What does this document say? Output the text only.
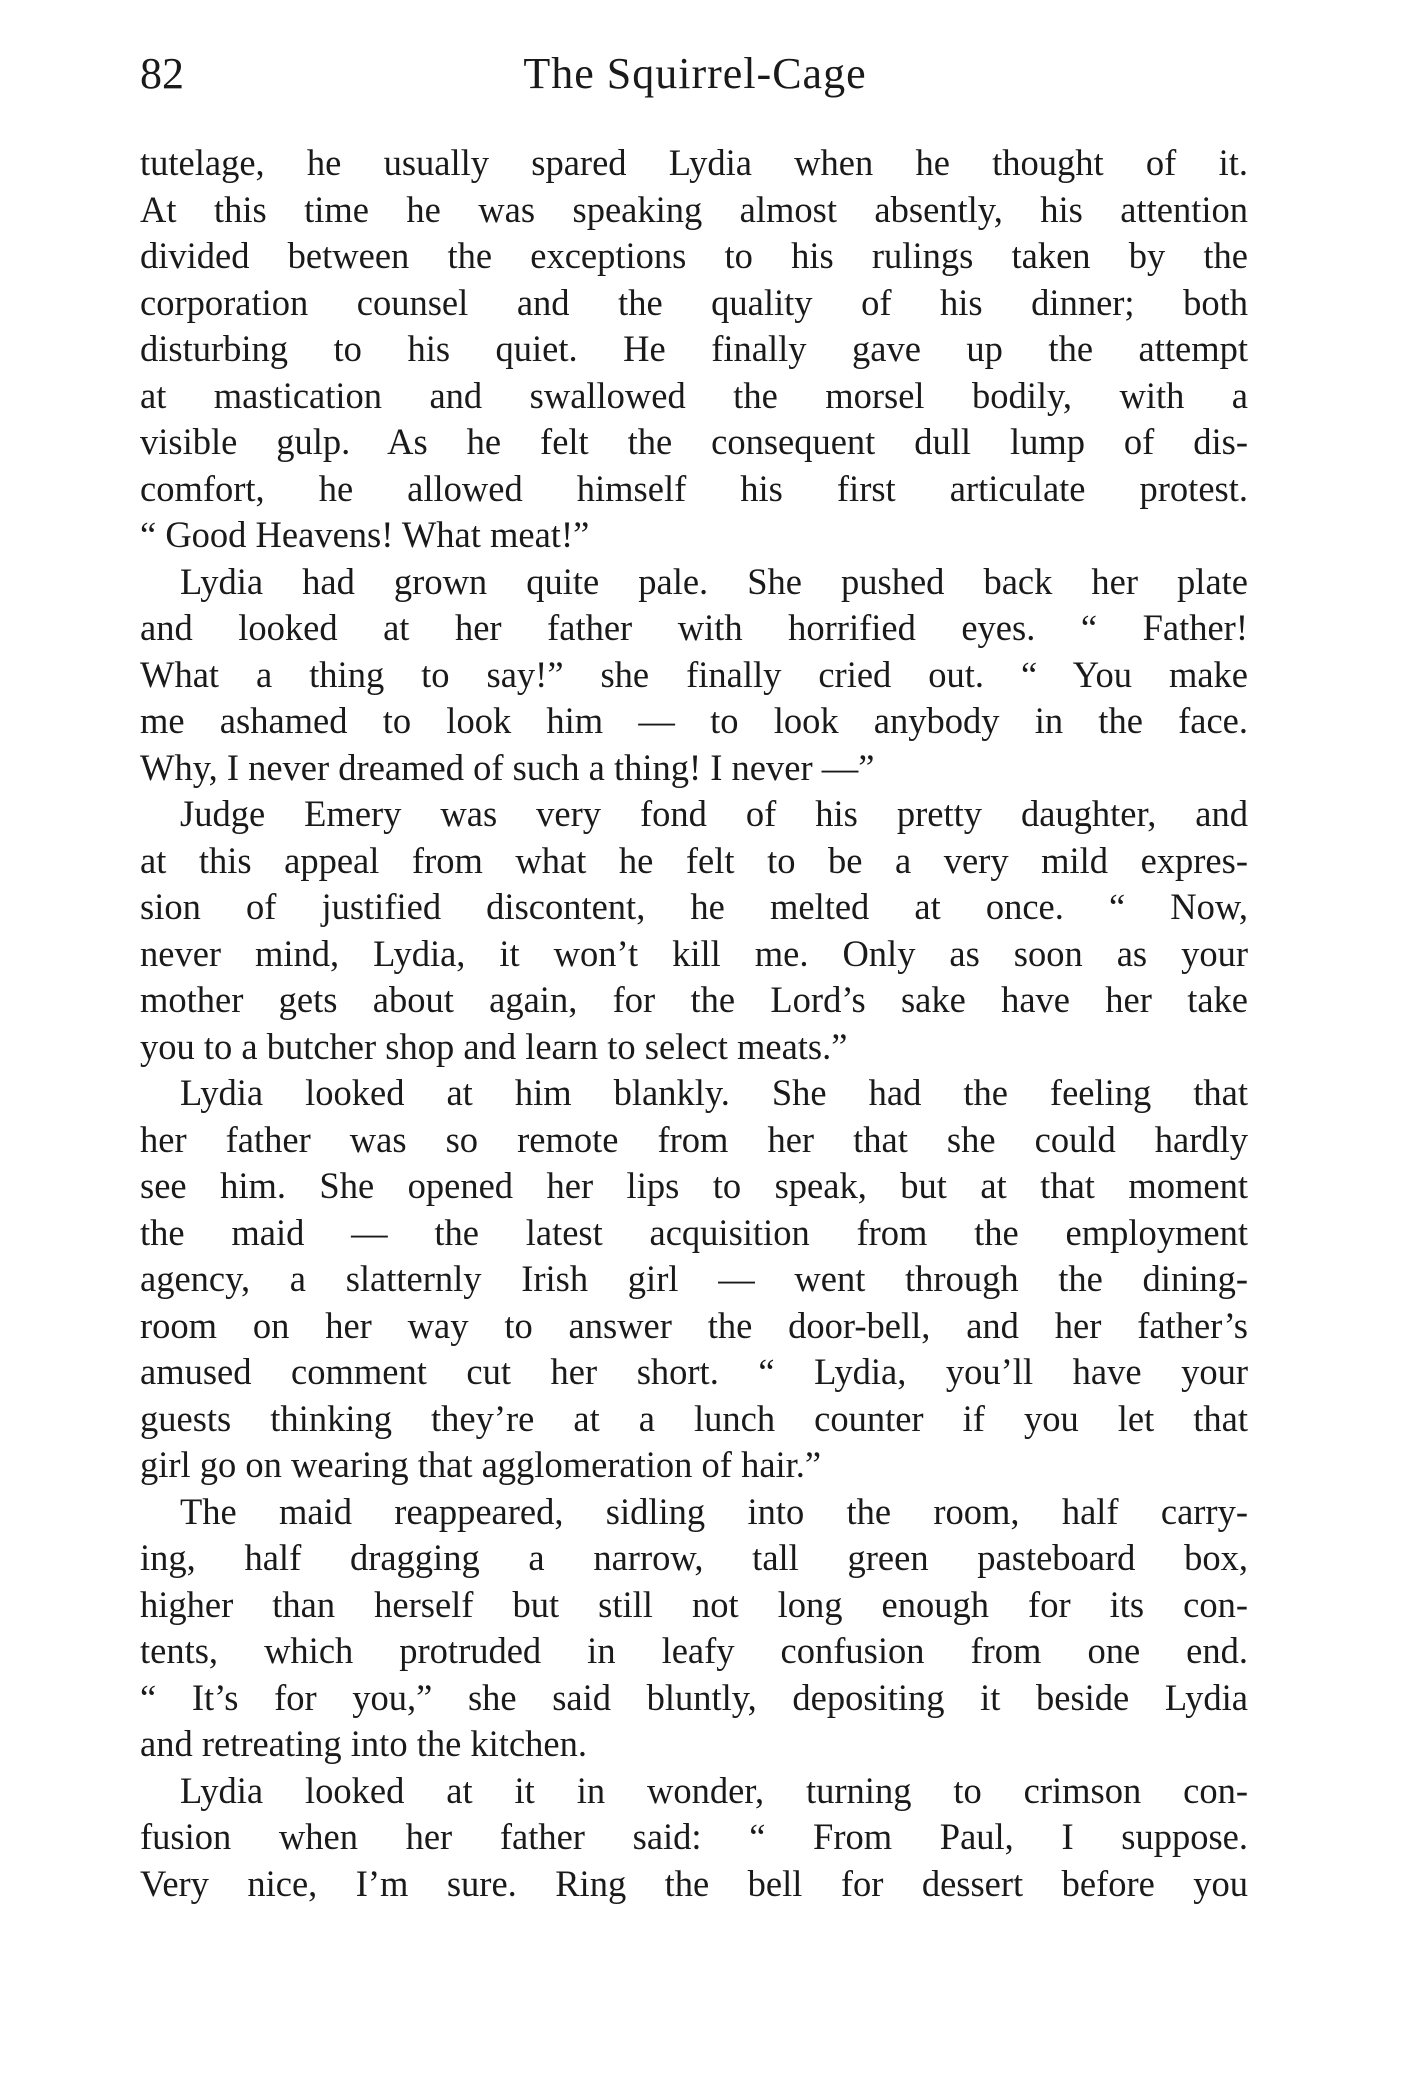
82	The Squirrel-Cage
tutelage, he usually spared Lydia when he thought of it.
At this time he was speaking almost absently, his attention
divided between the exceptions to his rulings taken by the
corporation counsel and the quality of his dinner; both
disturbing to his quiet. He finally gave up the attempt
at mastication and swallowed the morsel bodily, with a
visible gulp. As he felt the consequent dull lump of dis-
comfort, he allowed himself his first articulate protest.
“ Good Heavens! What meat!”
Lydia had grown quite pale. She pushed back her plate
and looked at her father with horrified eyes. “ Father!
What a thing to say!” she finally cried out. “ You make
me ashamed to look him — to look anybody in the face.
Why, I never dreamed of such a thing! I never —”
Judge Emery was very fond of his pretty daughter, and
at this appeal from what he felt to be a very mild expres-
sion of justified discontent, he melted at once. “ Now,
never mind, Lydia, it won’t kill me. Only as soon as your
mother gets about again, for the Lord’s sake have her take
you to a butcher shop and learn to select meats.”
Lydia looked at him blankly. She had the feeling that
her father was so remote from her that she could hardly
see him. She opened her lips to speak, but at that moment
the maid — the latest acquisition from the employment
agency, a slatternly Irish girl — went through the dining-
room on her way to answer the door-bell, and her father’s
amused comment cut her short. “ Lydia, you’ll have your
guests thinking they’re at a lunch counter if you let that
girl go on wearing that agglomeration of hair.”
The maid reappeared, sidling into the room, half carry-
ing, half dragging a narrow, tall green pasteboard box,
higher than herself but still not long enough for its con-
tents, which protruded in leafy confusion from one end.
“ It’s for you,” she said bluntly, depositing it beside Lydia
and retreating into the kitchen.
Lydia looked at it in wonder, turning to crimson con-
fusion when her father said: “ From Paul, I suppose.
Very nice, I’m sure. Ring the bell for dessert before you
